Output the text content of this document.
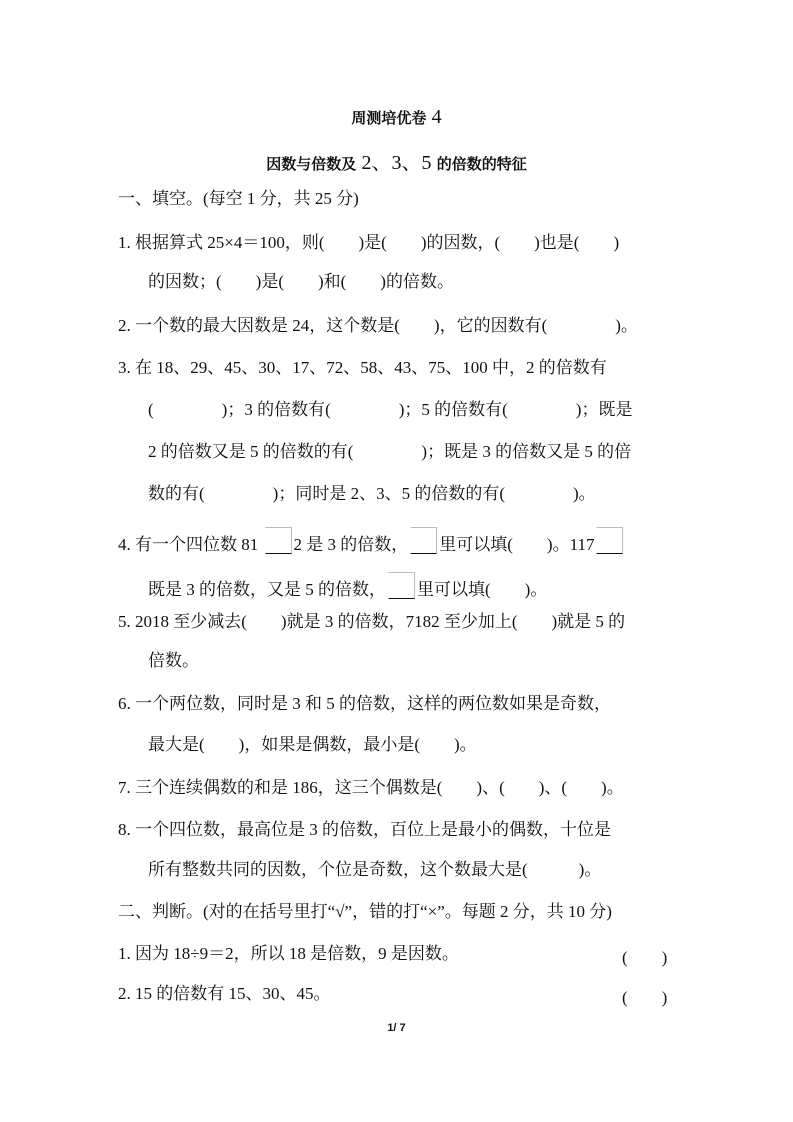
周测培优卷 4
因数与倍数及 2、3、5 的倍数的特征
一、填空。(每空 1 分，共 25 分)
1. 根据算式 25×4＝100，则(　　)是(　　)的因数，(　　)也是(　　)
的因数；(　　)是(　　)和(　　)的倍数。
2. 一个数的最大因数是 24，这个数是(　　)，它的因数有(　　　　)。
3. 在 18、29、45、30、17、72、58、43、75、100 中，2 的倍数有
(　　　　)；3 的倍数有(　　　　)；5 的倍数有(　　　　)；既是
2 的倍数又是 5 的倍数的有(　　　　)；既是 3 的倍数又是 5 的倍
数的有(　　　　)；同时是 2、3、5 的倍数的有(　　　　)。
4. 有一个四位数 81 2 是 3 的倍数， 里可以填(　　)。117
既是 3 的倍数，又是 5 的倍数， 里可以填(　　)。
5. 2018 至少减去(　　)就是 3 的倍数，7182 至少加上(　　)就是 5 的
倍数。
6. 一个两位数，同时是 3 和 5 的倍数，这样的两位数如果是奇数，
最大是(　　)，如果是偶数，最小是(　　)。
7. 三个连续偶数的和是 186，这三个偶数是(　　)、(　　)、(　　)。
8. 一个四位数，最高位是 3 的倍数，百位上是最小的偶数，十位是
所有整数共同的因数，个位是奇数，这个数最大是(　　　)。
二、判断。(对的在括号里打“√”，错的打“×”。每题 2 分，共 10 分)
1. 因为 18÷9＝2，所以 18 是倍数，9 是因数。	(　　)
2. 15 的倍数有 15、30、45。	(　　)
1/ 7
